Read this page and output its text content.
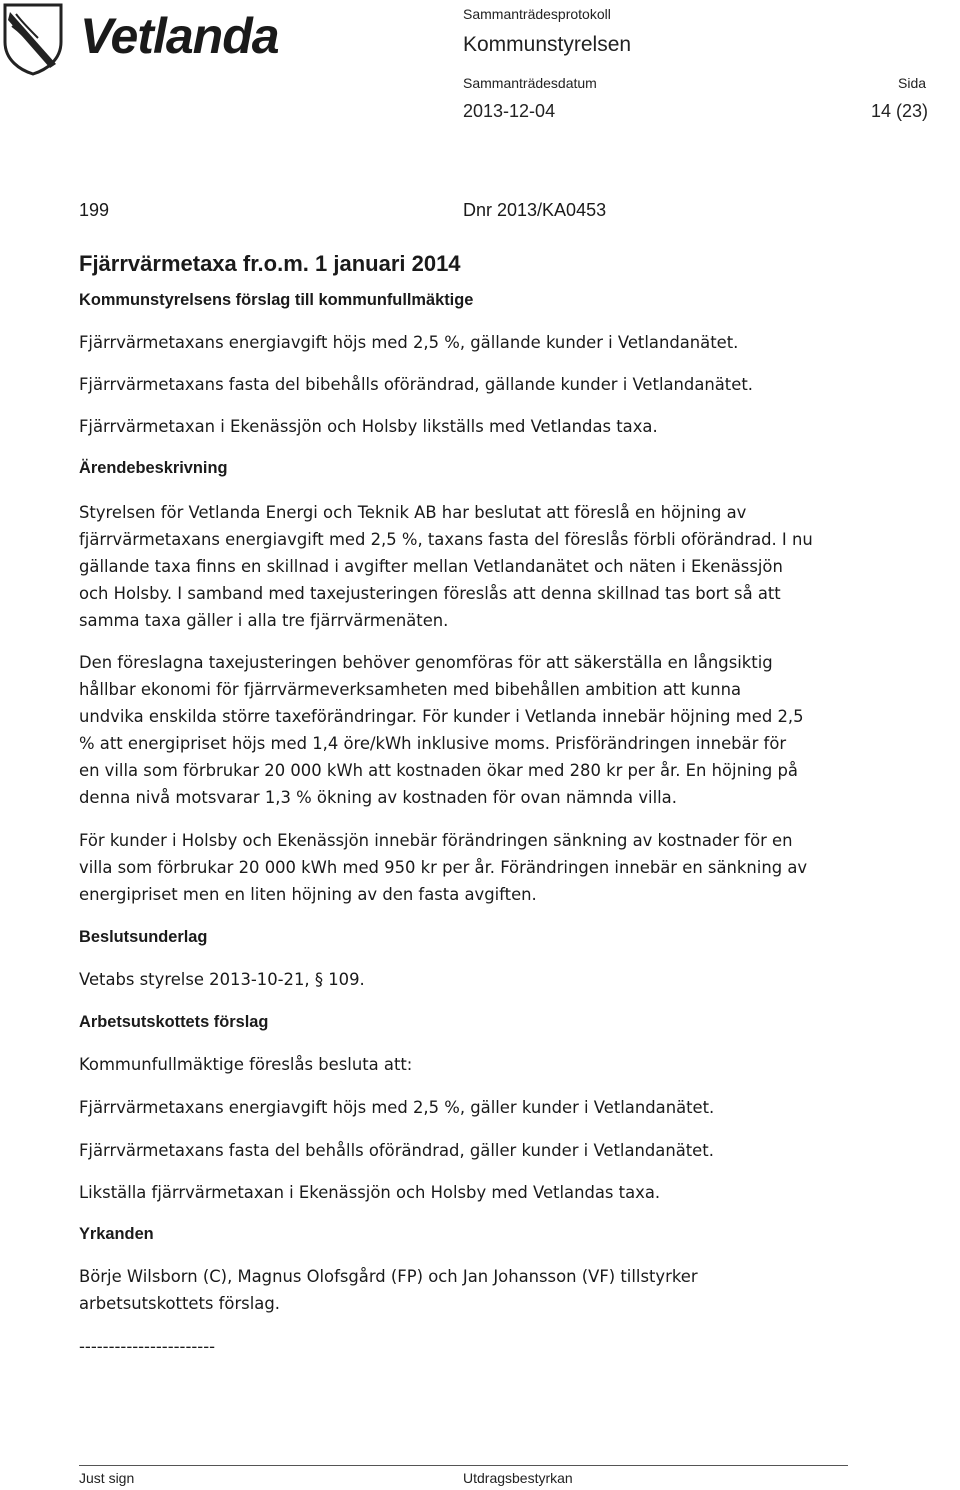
Vetlanda	Sammanträdesprotokoll
Kommunstyrelsen
Sammanträdesdatum	Sida
2013-12-04	14 (23)
199	Dnr 2013/KA0453
Fjärrvärmetaxa fr.o.m. 1 januari 2014
Kommunstyrelsens förslag till kommunfullmäktige
Fjärrvärmetaxans energiavgift höjs med 2,5 %, gällande kunder i Vetlandanätet.
Fjärrvärmetaxans fasta del bibehålls oförändrad, gällande kunder i Vetlandanätet.
Fjärrvärmetaxan i Ekenässjön och Holsby likställs med Vetlandas taxa.
Ärendebeskrivning
Styrelsen för Vetlanda Energi och Teknik AB har beslutat att föreslå en höjning av
fjärrvärmetaxans energiavgift med 2,5 %, taxans fasta del föreslås förbli oförändrad. I nu
gällande taxa finns en skillnad i avgifter mellan Vetlandanätet och näten i Ekenässjön
och Holsby. I samband med taxejusteringen föreslås att denna skillnad tas bort så att
samma taxa gäller i alla tre fjärrvärmenäten.
Den föreslagna taxejusteringen behöver genomföras för att säkerställa en långsiktig
hållbar ekonomi för fjärrvärmeverksamheten med bibehållen ambition att kunna
undvika enskilda större taxeförändringar. För kunder i Vetlanda innebär höjning med 2,5
% att energipriset höjs med 1,4 öre/kWh inklusive moms. Prisförändringen innebär för
en villa som förbrukar 20 000 kWh att kostnaden ökar med 280 kr per år. En höjning på
denna nivå motsvarar 1,3 % ökning av kostnaden för ovan nämnda villa.
För kunder i Holsby och Ekenässjön innebär förändringen sänkning av kostnader för en
villa som förbrukar 20 000 kWh med 950 kr per år. Förändringen innebär en sänkning av
energipriset men en liten höjning av den fasta avgiften.
Beslutsunderlag
Vetabs styrelse 2013-10-21, § 109.
Arbetsutskottets förslag
Kommunfullmäktige föreslås besluta att:
Fjärrvärmetaxans energiavgift höjs med 2,5 %, gäller kunder i Vetlandanätet.
Fjärrvärmetaxans fasta del behålls oförändrad, gäller kunder i Vetlandanätet.
Likställa fjärrvärmetaxan i Ekenässjön och Holsby med Vetlandas taxa.
Yrkanden
Börje Wilsborn (C), Magnus Olofsgård (FP) och Jan Johansson (VF) tillstyrker
arbetsutskottets förslag.
-----------------------
Just sign	Utdragsbestyrkan
